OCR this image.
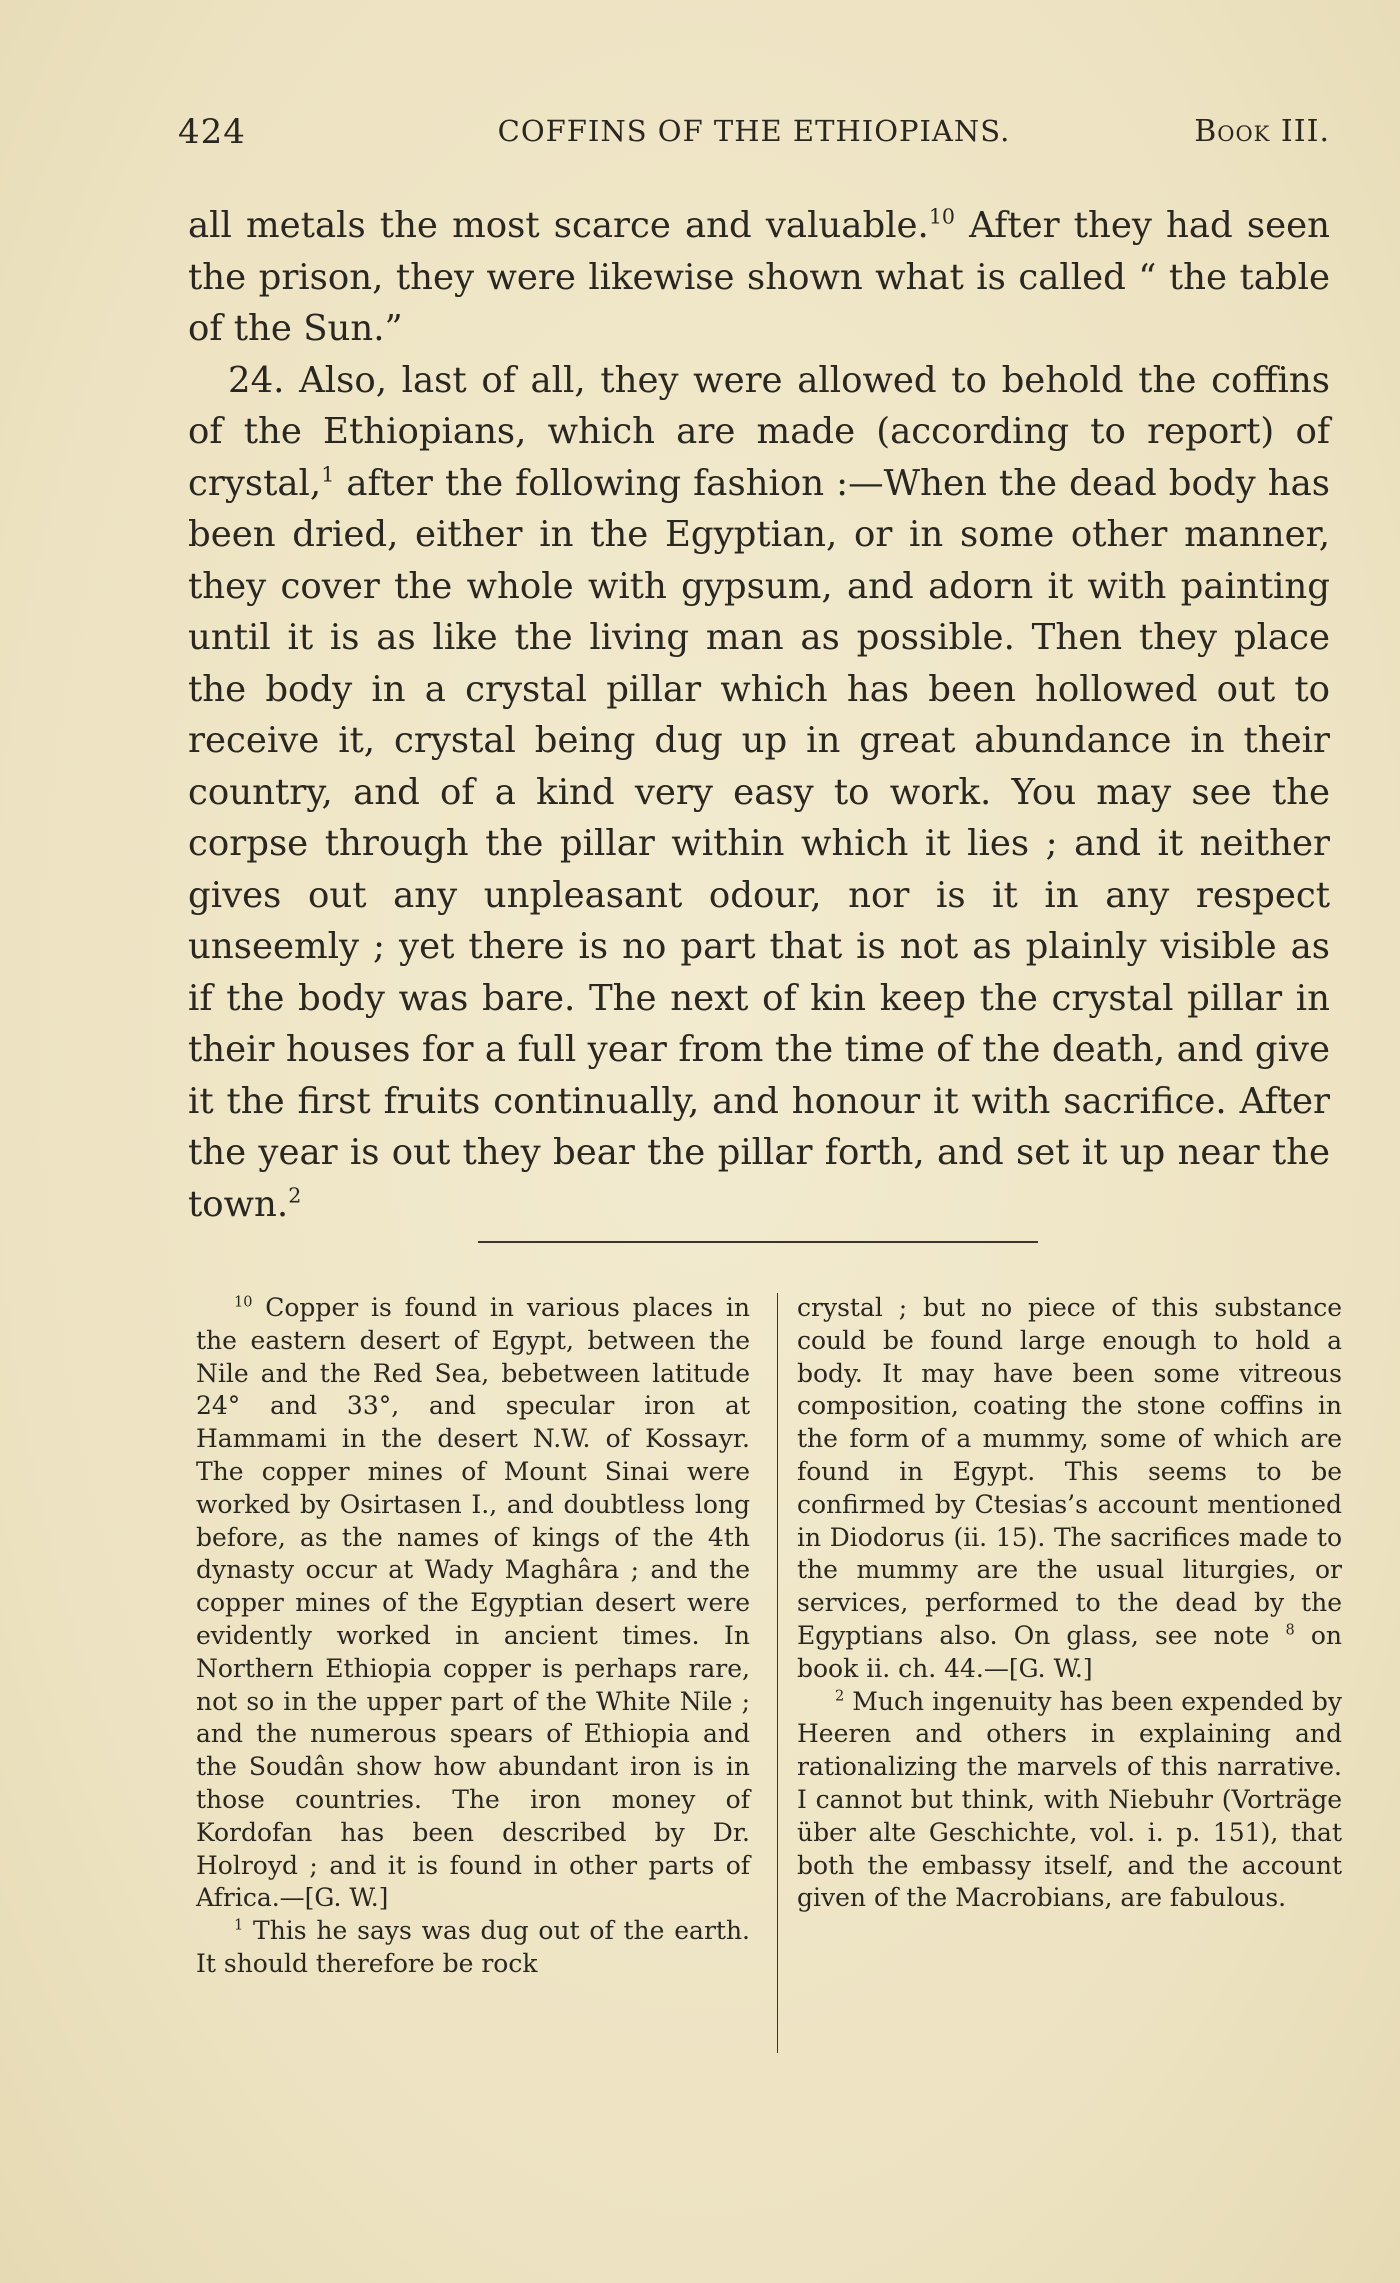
424	COFFINS OF THE ETHIOPIANS.	Book III.

all metals the most scarce and valuable.$^{10}$ After they had seen the prison, they were likewise shown what is called “ the table of the Sun.”

24. Also, last of all, they were allowed to behold the coffins of the Ethiopians, which are made (according to report) of crystal,$^1$ after the following fashion :—When the dead body has been dried, either in the Egyptian, or in some other manner, they cover the whole with gypsum, and adorn it with painting until it is as like the living man as possible. Then they place the body in a crystal pillar which has been hollowed out to receive it, crystal being dug up in great abundance in their country, and of a kind very easy to work. You may see the corpse through the pillar within which it lies ; and it neither gives out any unpleasant odour, nor is it in any respect unseemly ; yet there is no part that is not as plainly visible as if the body was bare. The next of kin keep the crystal pillar in their houses for a full year from the time of the death, and give it the first fruits continually, and honour it with sacrifice. After the year is out they bear the pillar forth, and set it up near the town.$^2$

$^{10}$ Copper is found in various places in the eastern desert of Egypt, between the Nile and the Red Sea, bebetween latitude 24° and 33°, and specular iron at Hammami in the desert N.W. of Kossayr. The copper mines of Mount Sinai were worked by Osirtasen I., and doubtless long before, as the names of kings of the 4th dynasty occur at Wady Maghâra ; and the copper mines of the Egyptian desert were evidently worked in ancient times. In Northern Ethiopia copper is perhaps rare, not so in the upper part of the White Nile ; and the numerous spears of Ethiopia and the Soudân show how abundant iron is in those countries. The iron money of Kordofan has been described by Dr. Holroyd ; and it is found in other parts of Africa.—[G. W.]

$^1$ This he says was dug out of the earth. It should therefore be rock

crystal ; but no piece of this substance could be found large enough to hold a body. It may have been some vitreous composition, coating the stone coffins in the form of a mummy, some of which are found in Egypt. This seems to be confirmed by Ctesias’s account mentioned in Diodorus (ii. 15). The sacrifices made to the mummy are the usual liturgies, or services, performed to the dead by the Egyptians also. On glass, see note $^8$ on book ii. ch. 44.—[G. W.]

$^2$ Much ingenuity has been expended by Heeren and others in explaining and rationalizing the marvels of this narrative. I cannot but think, with Niebuhr (Vorträge über alte Geschichte, vol. i. p. 151), that both the embassy itself, and the account given of the Macrobians, are fabulous.
